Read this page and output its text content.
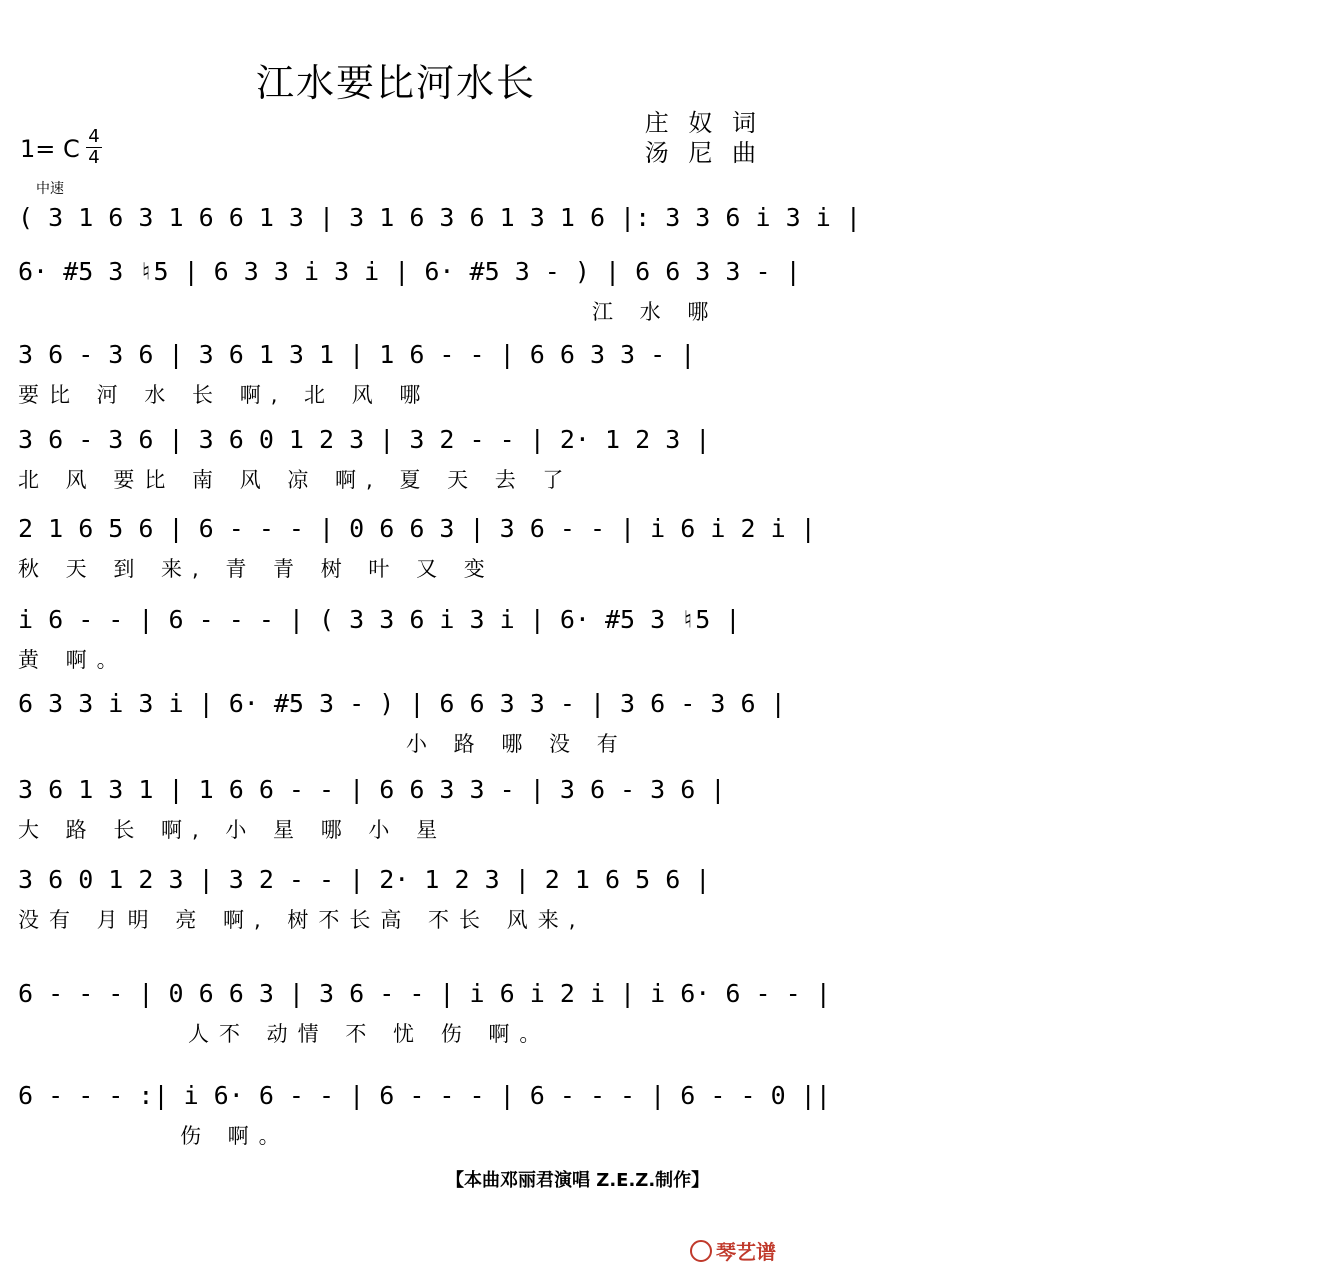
江水要比河水长
庄 奴 词
汤 尼 曲
1= C 4
4
中速
( 3 1 6 3 1 6 6 1 3 | 3 1 6 3 6 1 3 1 6 |: 3 3 6 i 3 i |
6· #5 3 ♮5 | 6 3 3 i 3 i | 6· #5 3 - ) | 6 6 3 3 - |
江 水 哪
3 6 - 3 6 | 3 6 1 3 1 | 1 6 - - | 6 6 3 3 - |
要比 河 水 长 啊, 北 风 哪
3 6 - 3 6 | 3 6 0 1 2 3 | 3 2 - - | 2· 1 2 3 |
北 风 要比 南 风 凉 啊, 夏 天 去 了
2 1 6 5 6 | 6 - - - | 0 6 6 3 | 3 6 - - | i 6 i 2 i |
秋 天 到 来, 青 青 树 叶 又 变
i 6 - - | 6 - - - | ( 3 3 6 i 3 i | 6· #5 3 ♮5 |
黄 啊。
6 3 3 i 3 i | 6· #5 3 - ) | 6 6 3 3 - | 3 6 - 3 6 |
小 路 哪 没 有
3 6 1 3 1 | 1 6 6 - - | 6 6 3 3 - | 3 6 - 3 6 |
大 路 长 啊, 小 星 哪 小 星
3 6 0 1 2 3 | 3 2 - - | 2· 1 2 3 | 2 1 6 5 6 |
没有 月明 亮 啊, 树不长高 不长 风来,
6 - - - | 0 6 6 3 | 3 6 - - | i 6 i 2 i | i 6· 6 - - |
人不 动情 不 忧 伤 啊。
6 - - - :| i 6· 6 - - | 6 - - - | 6 - - - | 6 - - 0 ||
伤 啊。
【本曲邓丽君演唱 Z.E.Z.制作】
琴艺谱
